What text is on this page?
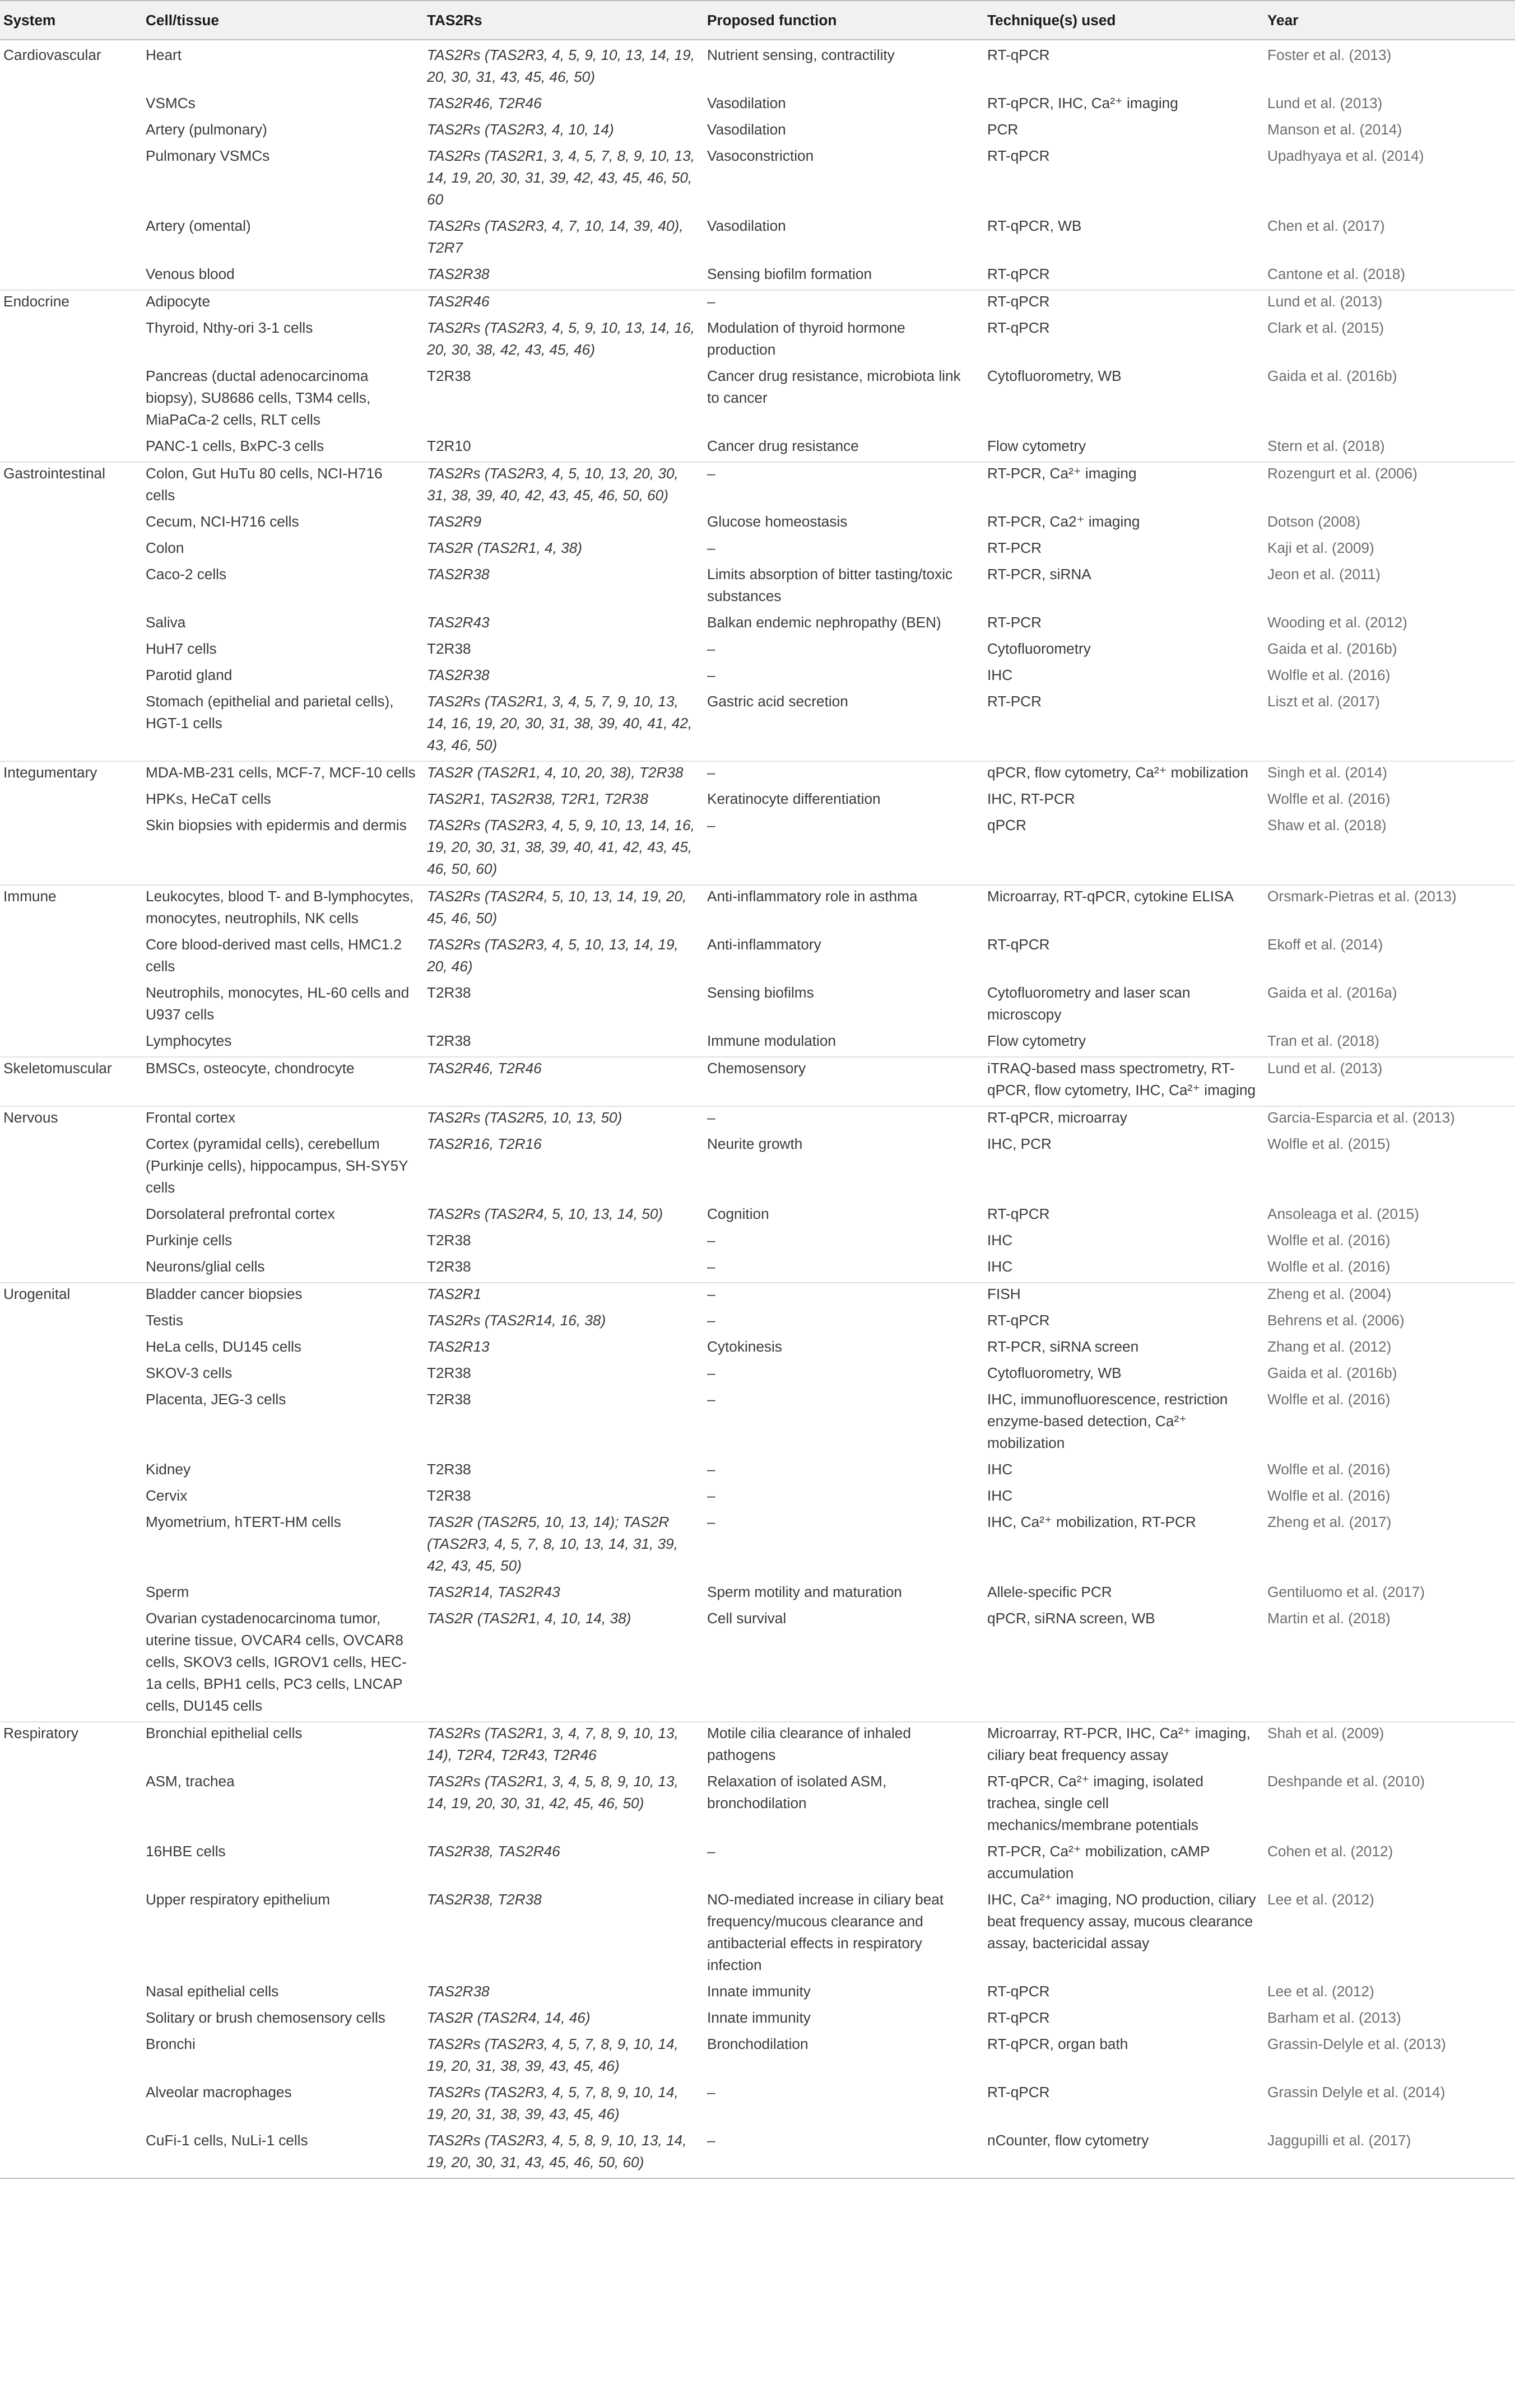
System	Cell/tissue	TAS2Rs	Proposed function	Technique(s) used	Year
Cardiovascular	Heart	TAS2Rs (TAS2R3, 4, 5, 9, 10, 13, 14, 19, 20, 30, 31, 43, 45, 46, 50)	Nutrient sensing, contractility	RT-qPCR	Foster et al. (2013)
	VSMCs	TAS2R46, T2R46	Vasodilation	RT-qPCR, IHC, Ca²⁺ imaging	Lund et al. (2013)
	Artery (pulmonary)	TAS2Rs (TAS2R3, 4, 10, 14)	Vasodilation	PCR	Manson et al. (2014)
	Pulmonary VSMCs	TAS2Rs (TAS2R1, 3, 4, 5, 7, 8, 9, 10, 13, 14, 19, 20, 30, 31, 39, 42, 43, 45, 46, 50, 60	Vasoconstriction	RT-qPCR	Upadhyaya et al. (2014)
	Artery (omental)	TAS2Rs (TAS2R3, 4, 7, 10, 14, 39, 40), T2R7	Vasodilation	RT-qPCR, WB	Chen et al. (2017)
	Venous blood	TAS2R38	Sensing biofilm formation	RT-qPCR	Cantone et al. (2018)
Endocrine	Adipocyte	TAS2R46	–	RT-qPCR	Lund et al. (2013)
	Thyroid, Nthy-ori 3-1 cells	TAS2Rs (TAS2R3, 4, 5, 9, 10, 13, 14, 16, 20, 30, 38, 42, 43, 45, 46)	Modulation of thyroid hormone production	RT-qPCR	Clark et al. (2015)
	Pancreas (ductal adenocarcinoma biopsy), SU8686 cells, T3M4 cells, MiaPaCa-2 cells, RLT cells	T2R38	Cancer drug resistance, microbiota link to cancer	Cytofluorometry, WB	Gaida et al. (2016b)
	PANC-1 cells, BxPC-3 cells	T2R10	Cancer drug resistance	Flow cytometry	Stern et al. (2018)
Gastrointestinal	Colon, Gut HuTu 80 cells, NCI-H716 cells	TAS2Rs (TAS2R3, 4, 5, 10, 13, 20, 30, 31, 38, 39, 40, 42, 43, 45, 46, 50, 60)	–	RT-PCR, Ca²⁺ imaging	Rozengurt et al. (2006)
	Cecum, NCI-H716 cells	TAS2R9	Glucose homeostasis	RT-PCR, Ca2⁺ imaging	Dotson (2008)
	Colon	TAS2R (TAS2R1, 4, 38)	–	RT-PCR	Kaji et al. (2009)
	Caco-2 cells	TAS2R38	Limits absorption of bitter tasting/toxic substances	RT-PCR, siRNA	Jeon et al. (2011)
	Saliva	TAS2R43	Balkan endemic nephropathy (BEN)	RT-PCR	Wooding et al. (2012)
	HuH7 cells	T2R38	–	Cytofluorometry	Gaida et al. (2016b)
	Parotid gland	TAS2R38	–	IHC	Wolfle et al. (2016)
	Stomach (epithelial and parietal cells), HGT-1 cells	TAS2Rs (TAS2R1, 3, 4, 5, 7, 9, 10, 13, 14, 16, 19, 20, 30, 31, 38, 39, 40, 41, 42, 43, 46, 50)	Gastric acid secretion	RT-PCR	Liszt et al. (2017)
Integumentary	MDA-MB-231 cells, MCF-7, MCF-10 cells	TAS2R (TAS2R1, 4, 10, 20, 38), T2R38	–	qPCR, flow cytometry, Ca²⁺ mobilization	Singh et al. (2014)
	HPKs, HeCaT cells	TAS2R1, TAS2R38, T2R1, T2R38	Keratinocyte differentiation	IHC, RT-PCR	Wolfle et al. (2016)
	Skin biopsies with epidermis and dermis	TAS2Rs (TAS2R3, 4, 5, 9, 10, 13, 14, 16, 19, 20, 30, 31, 38, 39, 40, 41, 42, 43, 45, 46, 50, 60)	–	qPCR	Shaw et al. (2018)
Immune	Leukocytes, blood T- and B-lymphocytes, monocytes, neutrophils, NK cells	TAS2Rs (TAS2R4, 5, 10, 13, 14, 19, 20, 45, 46, 50)	Anti-inflammatory role in asthma	Microarray, RT-qPCR, cytokine ELISA	Orsmark-Pietras et al. (2013)
	Core blood-derived mast cells, HMC1.2 cells	TAS2Rs (TAS2R3, 4, 5, 10, 13, 14, 19, 20, 46)	Anti-inflammatory	RT-qPCR	Ekoff et al. (2014)
	Neutrophils, monocytes, HL-60 cells and U937 cells	T2R38	Sensing biofilms	Cytofluorometry and laser scan microscopy	Gaida et al. (2016a)
	Lymphocytes	T2R38	Immune modulation	Flow cytometry	Tran et al. (2018)
Skeletomuscular	BMSCs, osteocyte, chondrocyte	TAS2R46, T2R46	Chemosensory	iTRAQ-based mass spectrometry, RT-qPCR, flow cytometry, IHC, Ca²⁺ imaging	Lund et al. (2013)
Nervous	Frontal cortex	TAS2Rs (TAS2R5, 10, 13, 50)	–	RT-qPCR, microarray	Garcia-Esparcia et al. (2013)
	Cortex (pyramidal cells), cerebellum (Purkinje cells), hippocampus, SH-SY5Y cells	TAS2R16, T2R16	Neurite growth	IHC, PCR	Wolfle et al. (2015)
	Dorsolateral prefrontal cortex	TAS2Rs (TAS2R4, 5, 10, 13, 14, 50)	Cognition	RT-qPCR	Ansoleaga et al. (2015)
	Purkinje cells	T2R38	–	IHC	Wolfle et al. (2016)
	Neurons/glial cells	T2R38	–	IHC	Wolfle et al. (2016)
Urogenital	Bladder cancer biopsies	TAS2R1	–	FISH	Zheng et al. (2004)
	Testis	TAS2Rs (TAS2R14, 16, 38)	–	RT-qPCR	Behrens et al. (2006)
	HeLa cells, DU145 cells	TAS2R13	Cytokinesis	RT-PCR, siRNA screen	Zhang et al. (2012)
	SKOV-3 cells	T2R38	–	Cytofluorometry, WB	Gaida et al. (2016b)
	Placenta, JEG-3 cells	T2R38	–	IHC, immunofluorescence, restriction enzyme-based detection, Ca²⁺ mobilization	Wolfle et al. (2016)
	Kidney	T2R38	–	IHC	Wolfle et al. (2016)
	Cervix	T2R38	–	IHC	Wolfle et al. (2016)
	Myometrium, hTERT-HM cells	TAS2R (TAS2R5, 10, 13, 14); TAS2R (TAS2R3, 4, 5, 7, 8, 10, 13, 14, 31, 39, 42, 43, 45, 50)	–	IHC, Ca²⁺ mobilization, RT-PCR	Zheng et al. (2017)
	Sperm	TAS2R14, TAS2R43	Sperm motility and maturation	Allele-specific PCR	Gentiluomo et al. (2017)
	Ovarian cystadenocarcinoma tumor, uterine tissue, OVCAR4 cells, OVCAR8 cells, SKOV3 cells, IGROV1 cells, HEC-1a cells, BPH1 cells, PC3 cells, LNCAP cells, DU145 cells	TAS2R (TAS2R1, 4, 10, 14, 38)	Cell survival	qPCR, siRNA screen, WB	Martin et al. (2018)
Respiratory	Bronchial epithelial cells	TAS2Rs (TAS2R1, 3, 4, 7, 8, 9, 10, 13, 14), T2R4, T2R43, T2R46	Motile cilia clearance of inhaled pathogens	Microarray, RT-PCR, IHC, Ca²⁺ imaging, ciliary beat frequency assay	Shah et al. (2009)
	ASM, trachea	TAS2Rs (TAS2R1, 3, 4, 5, 8, 9, 10, 13, 14, 19, 20, 30, 31, 42, 45, 46, 50)	Relaxation of isolated ASM, bronchodilation	RT-qPCR, Ca²⁺ imaging, isolated trachea, single cell mechanics/membrane potentials	Deshpande et al. (2010)
	16HBE cells	TAS2R38, TAS2R46	–	RT-PCR, Ca²⁺ mobilization, cAMP accumulation	Cohen et al. (2012)
	Upper respiratory epithelium	TAS2R38, T2R38	NO-mediated increase in ciliary beat frequency/mucous clearance and antibacterial effects in respiratory infection	IHC, Ca²⁺ imaging, NO production, ciliary beat frequency assay, mucous clearance assay, bactericidal assay	Lee et al. (2012)
	Nasal epithelial cells	TAS2R38	Innate immunity	RT-qPCR	Lee et al. (2012)
	Solitary or brush chemosensory cells	TAS2R (TAS2R4, 14, 46)	Innate immunity	RT-qPCR	Barham et al. (2013)
	Bronchi	TAS2Rs (TAS2R3, 4, 5, 7, 8, 9, 10, 14, 19, 20, 31, 38, 39, 43, 45, 46)	Bronchodilation	RT-qPCR, organ bath	Grassin-Delyle et al. (2013)
	Alveolar macrophages	TAS2Rs (TAS2R3, 4, 5, 7, 8, 9, 10, 14, 19, 20, 31, 38, 39, 43, 45, 46)	–	RT-qPCR	Grassin Delyle et al. (2014)
	CuFi-1 cells, NuLi-1 cells	TAS2Rs (TAS2R3, 4, 5, 8, 9, 10, 13, 14, 19, 20, 30, 31, 43, 45, 46, 50, 60)	–	nCounter, flow cytometry	Jaggupilli et al. (2017)
